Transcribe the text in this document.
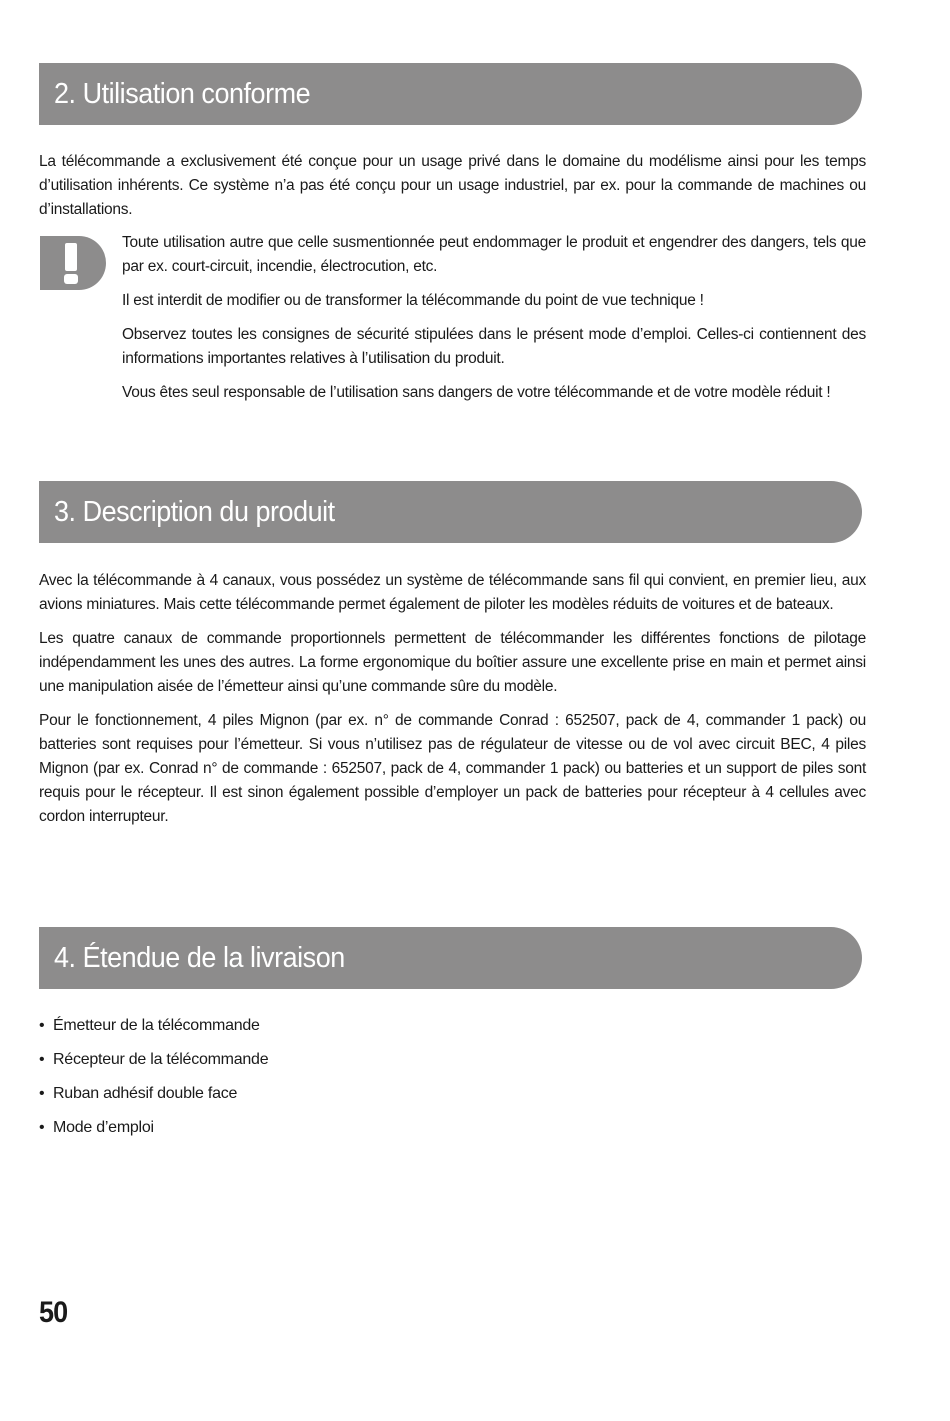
2. Utilisation conforme

La télécommande a exclusivement été conçue pour un usage privé dans le domaine du modélisme ainsi pour les temps d’utilisation inhérents. Ce système n’a pas été conçu pour un usage industriel, par ex. pour la commande de machines ou d’installations.

Toute utilisation autre que celle susmentionnée peut endommager le produit et engendrer des dangers, tels que par ex. court-circuit, incendie, électrocution, etc.

Il est interdit de modifier ou de transformer la télécommande du point de vue technique !

Observez toutes les consignes de sécurité stipulées dans le présent mode d’emploi. Celles-ci contiennent des informations importantes relatives à l’utilisation du produit.

Vous êtes seul responsable de l’utilisation sans dangers de votre télécommande et de votre modèle réduit !

3. Description du produit

Avec la télécommande à 4 canaux, vous possédez un système de télécommande sans fil qui convient, en premier lieu, aux avions miniatures. Mais cette télécommande permet également de piloter les modèles réduits de voitures et de bateaux.

Les quatre canaux de commande proportionnels permettent de télécommander les différentes fonctions de pilotage indépendamment les unes des autres. La forme ergonomique du boîtier assure une excellente prise en main et permet ainsi une manipulation aisée de l’émetteur ainsi qu’une commande sûre du modèle.

Pour le fonctionnement, 4 piles Mignon (par ex. n° de commande Conrad : 652507, pack de 4, commander 1 pack) ou batteries sont requises pour l’émetteur. Si vous n’utilisez pas de régulateur de vitesse ou de vol avec circuit BEC, 4 piles Mignon (par ex. Conrad n° de commande : 652507, pack de 4, commander 1 pack) ou batteries et un support de piles sont requis pour le récepteur. Il est sinon également possible d’employer un pack de batteries pour récepteur à 4 cellules avec cordon interrupteur.

4. Étendue de la livraison
• Émetteur de la télécommande
• Récepteur de la télécommande
• Ruban adhésif double face
• Mode d’emploi
50
